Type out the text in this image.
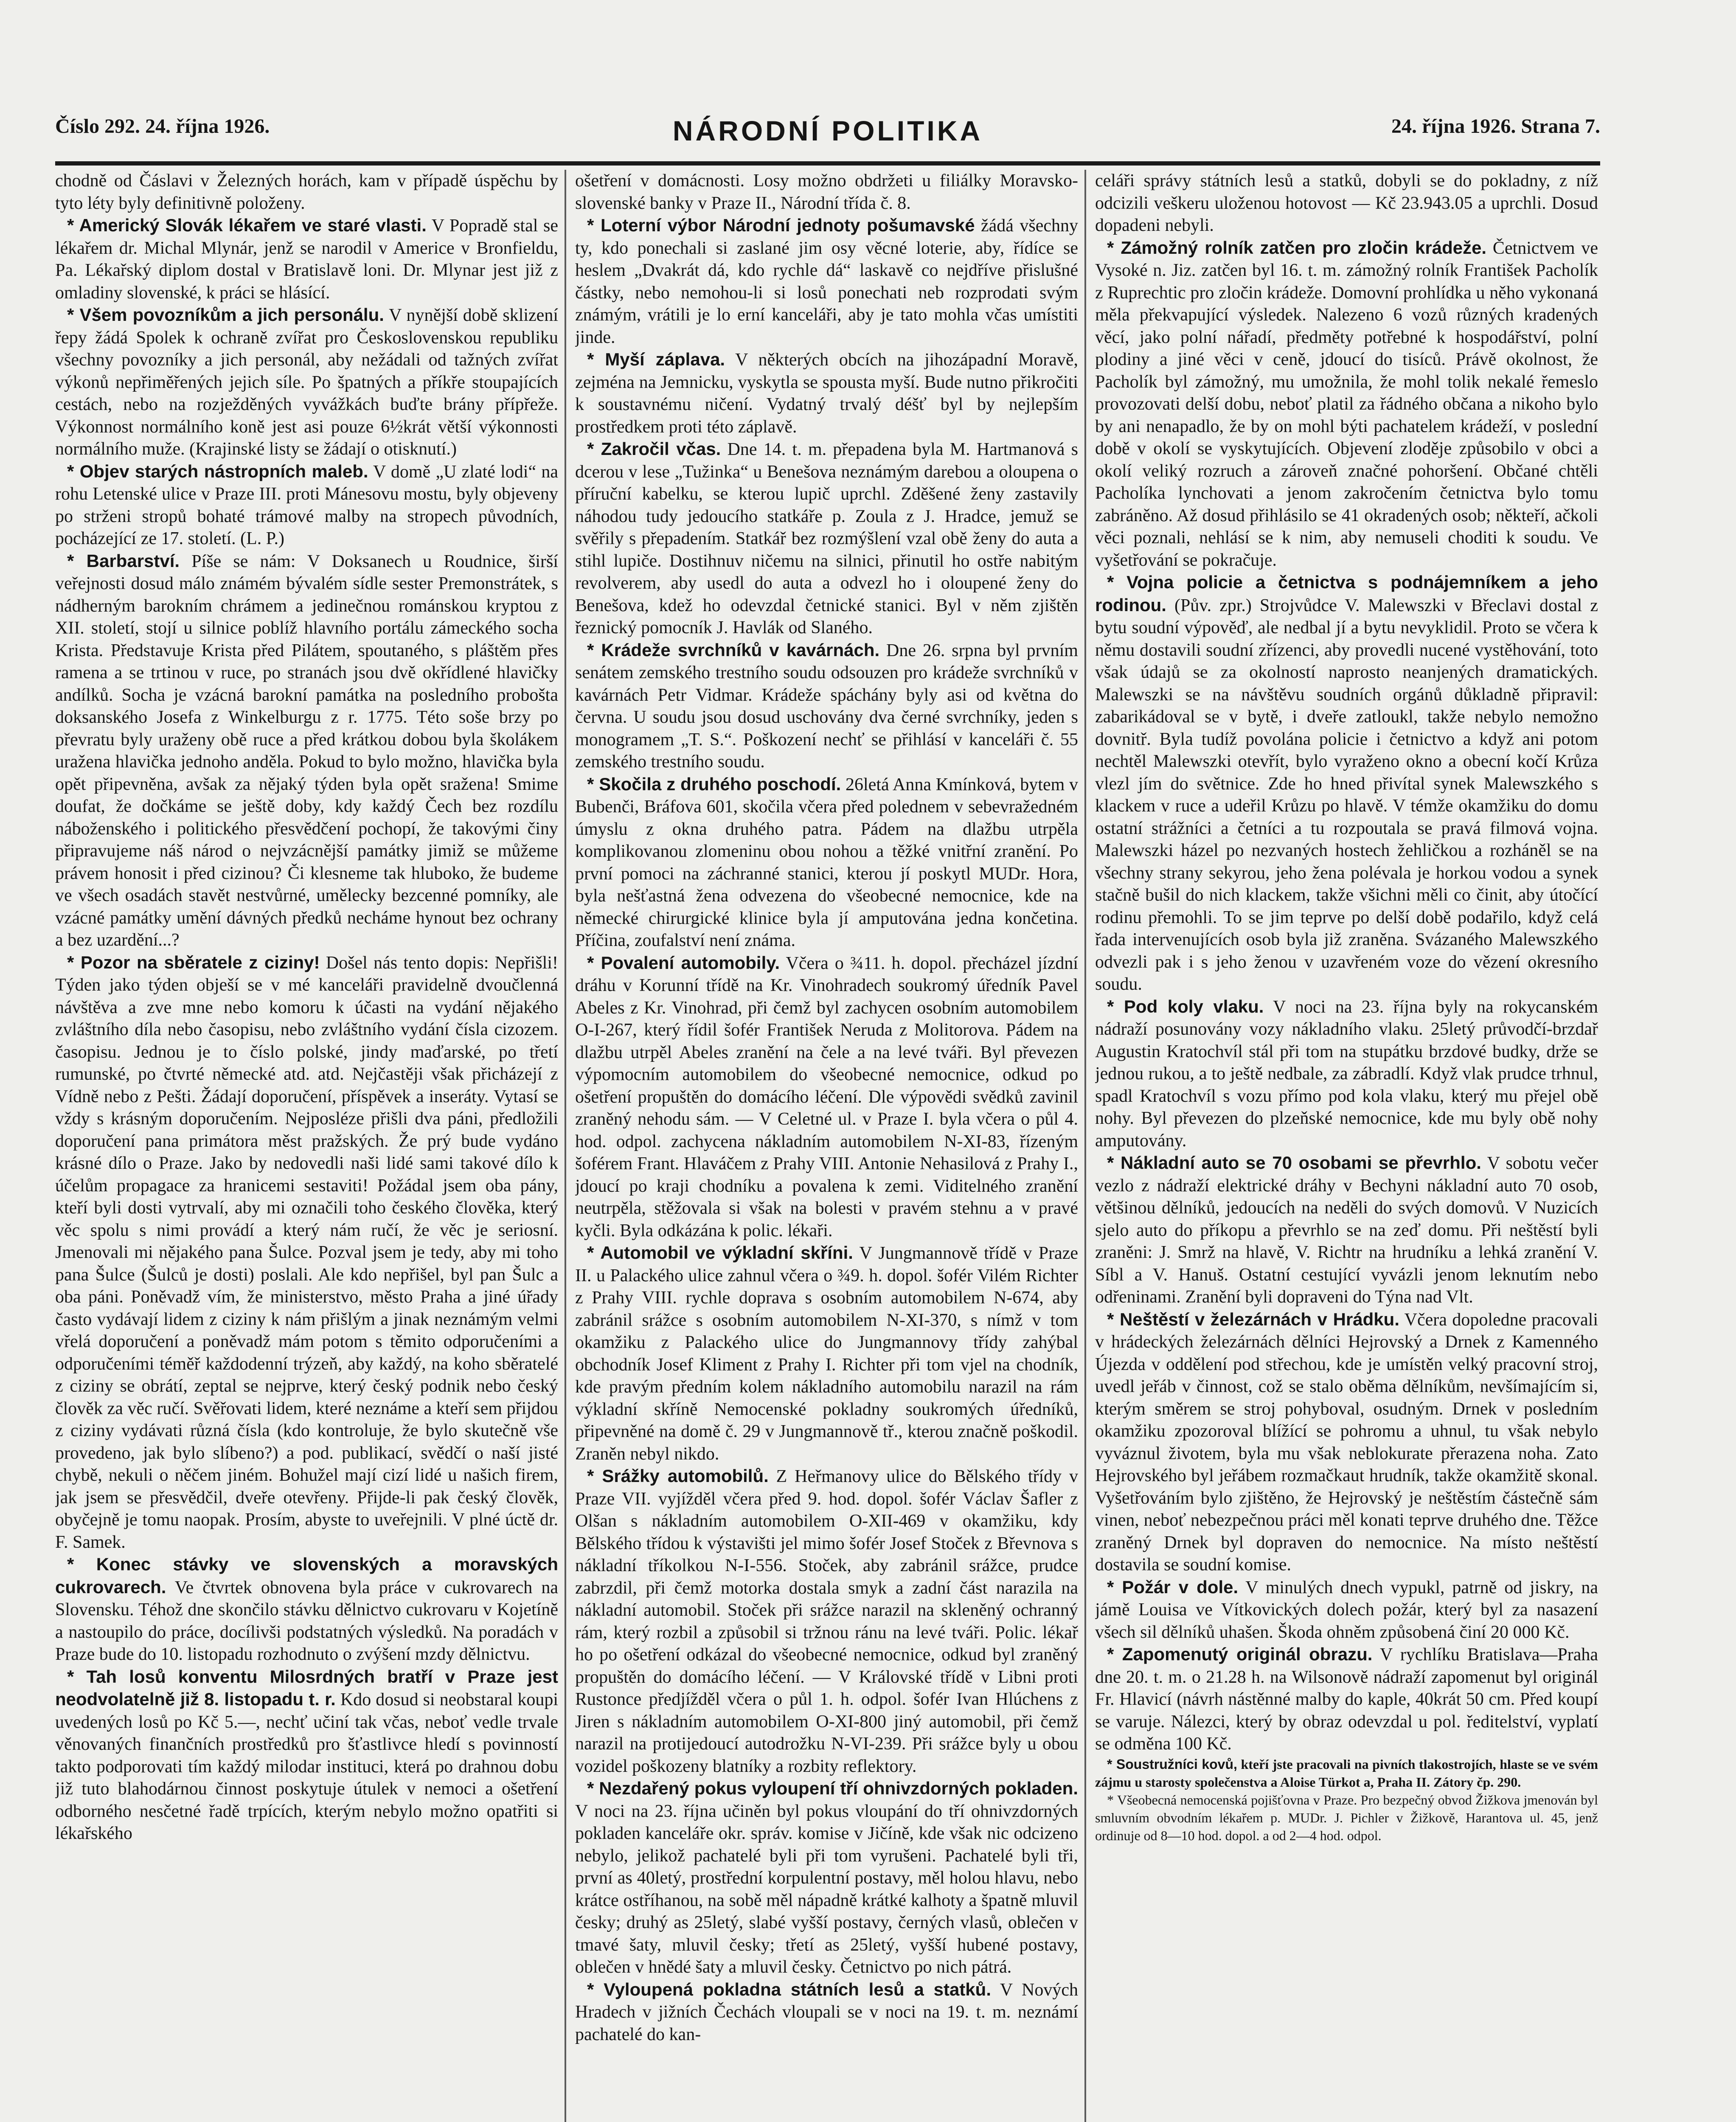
Číslo 292. 24. října 1926.	NÁRODNÍ POLITIKA	24. října 1926. Strana 7.

chodně od Čáslavi v Železných horách, kam v případě úspěchu by tyto léty byly definitivně položeny.

* Americký Slovák lékařem ve staré vlasti. V Popradě stal se lékařem dr. Michal Mlynár, jenž se narodil v Americe v Bronfieldu, Pa. Lékařský diplom dostal v Bratislavě loni. Dr. Mlynar jest již z omladiny slovenské, k práci se hlásící.

* Všem povozníkům a jich personálu. V nynější době sklizení řepy žádá Spolek k ochraně zvířat pro Československou republiku všechny povozníky a jich personál, aby nežádali od tažných zvířat výkonů nepřiměřených jejich síle. Po špatných a příkře stoupajících cestách, nebo na rozježděných vyvážkách buďte brány přípřeže. Výkonnost normálního koně jest asi pouze 6½krát větší výkonnosti normálního muže. (Krajinské listy se žádají o otisknutí.)

* Objev starých nástropních maleb. V domě „U zlaté lodi“ na rohu Letenské ulice v Praze III. proti Mánesovu mostu, byly objeveny po strženi stropů bohaté trámové malby na stropech původních, pocházející ze 17. století. (L. P.)

* Barbarství. Píše se nám: V Doksanech u Roudnice, širší veřejnosti dosud málo známém bývalém sídle sester Premonstrátek, s nádherným barokním chrámem a jedinečnou románskou kryptou z XII. století, stojí u silnice poblíž hlavního portálu zámeckého socha Krista. Představuje Krista před Pilátem, spoutaného, s pláštěm přes ramena a se trtinou v ruce, po stranách jsou dvě okřídlené hlavičky andílků. Socha je vzácná barokní památka na posledního probošta doksanského Josefa z Winkelburgu z r. 1775. Této soše brzy po převratu byly uraženy obě ruce a před krátkou dobou byla školákem uražena hlavička jednoho anděla. Pokud to bylo možno, hlavička byla opět připevněna, avšak za nějaký týden byla opět sražena! Smime doufat, že dočkáme se ještě doby, kdy každý Čech bez rozdílu náboženského i politického přesvědčení pochopí, že takovými činy připravujeme náš národ o nejvzácnější památky jimiž se můžeme právem honosit i před cizinou? Či klesneme tak hluboko, že budeme ve všech osadách stavět nestvůrné, umělecky bezcenné pomníky, ale vzácné památky umění dávných předků necháme hynout bez ochrany a bez uzardění...?

* Pozor na sběratele z ciziny! Došel nás tento dopis: Nepřišli! Týden jako týden obješí se v mé kanceláři pravidelně dvoučlenná návštěva a zve mne nebo komoru k účasti na vydání nějakého zvláštního díla nebo časopisu, nebo zvláštního vydání čísla cizozem. časopisu. Jednou je to číslo polské, jindy maďarské, po třetí rumunské, po čtvrté německé atd. atd. Nejčastěji však přicházejí z Vídně nebo z Pešti. Žádají doporučení, příspěvek a inseráty. Vytasí se vždy s krásným doporučením. Nejposléze přišli dva páni, předložili doporučení pana primátora měst pražských. Že prý bude vydáno krásné dílo o Praze. Jako by nedovedli naši lidé sami takové dílo k účelům propagace za hranicemi sestaviti! Požádal jsem oba pány, kteří byli dosti vytrvalí, aby mi označili toho českého člověka, který věc spolu s nimi provádí a který nám ručí, že věc je seriosní. Jmenovali mi nějakého pana Šulce. Pozval jsem je tedy, aby mi toho pana Šulce (Šulců je dosti) poslali. Ale kdo nepřišel, byl pan Šulc a oba páni. Poněvadž vím, že ministerstvo, město Praha a jiné úřady často vydávají lidem z ciziny k nám přišlým a jinak neznámým velmi vřelá doporučení a poněvadž mám potom s těmito odporučeními a odporučeními téměř každodenní trýzeň, aby každý, na koho sběratelé z ciziny se obrátí, zeptal se nejprve, který český podnik nebo český člověk za věc ručí. Svěřovati lidem, které neznáme a kteří sem přijdou z ciziny vydávati různá čísla (kdo kontroluje, že bylo skutečně vše provedeno, jak bylo slíbeno?) a pod. publikací, svědčí o naší jisté chybě, nekuli o něčem jiném. Bohužel mají cizí lidé u našich firem, jak jsem se přesvědčil, dveře otevřeny. Přijde-li pak český člověk, obyčejně je tomu naopak. Prosím, abyste to uveřejnili. V plné úctě dr. F. Samek.

* Konec stávky ve slovenských a moravských cukrovarech. Ve čtvrtek obnovena byla práce v cukrovarech na Slovensku. Téhož dne skončilo stávku dělnictvo cukrovaru v Kojetíně a nastoupilo do práce, docílivši podstatných výsledků. Na poradách v Praze bude do 10. listopadu rozhodnuto o zvýšení mzdy dělnictvu.

* Tah losů konventu Milosrdných bratří v Praze jest neodvolatelně již 8. listopadu t. r. Kdo dosud si neobstaral koupi uvedených losů po Kč 5.—, nechť učiní tak včas, neboť vedle trvale věnovaných finančních prostředků pro šťastlivce hledí s povinností takto podporovati tím každý milodar instituci, která po drahnou dobu již tuto blahodárnou činnost poskytuje útulek v nemoci a ošetření odborného nesčetné řadě trpících, kterým nebylo možno opatřiti si lékařského

ošetření v domácnosti. Losy možno obdržeti u filiálky Moravsko-slovenské banky v Praze II., Národní třída č. 8.

* Loterní výbor Národní jednoty pošumavské žádá všechny ty, kdo ponechali si zaslané jim osy věcné loterie, aby, řídíce se heslem „Dvakrát dá, kdo rychle dá“ laskavě co nejdříve přislušné částky, nebo nemohou-li si losů ponechati neb rozprodati svým známým, vrátili je lo erní kanceláři, aby je tato mohla včas umístiti jinde.

* Myší záplava. V některých obcích na jihozápadní Moravě, zejména na Jemnicku, vyskytla se spousta myší. Bude nutno přikročiti k soustavnému ničení. Vydatný trvalý déšť byl by nejlepším prostředkem proti této záplavě.

* Zakročil včas. Dne 14. t. m. přepadena byla M. Hartmanová s dcerou v lese „Tužinka“ u Benešova neznámým darebou a oloupena o příruční kabelku, se kterou lupič uprchl. Zděšené ženy zastavily náhodou tudy jedoucího statkáře p. Zoula z J. Hradce, jemuž se svěřily s přepadením. Statkář bez rozmýšlení vzal obě ženy do auta a stihl lupiče. Dostihnuv ničemu na silnici, přinutil ho ostře nabitým revolverem, aby usedl do auta a odvezl ho i oloupené ženy do Benešova, kdež ho odevzdal četnické stanici. Byl v něm zjištěn řeznický pomocník J. Havlák od Slaného.

* Krádeže svrchníků v kavárnách. Dne 26. srpna byl prvním senátem zemského trestního soudu odsouzen pro krádeže svrchníků v kavárnách Petr Vidmar. Krádeže spáchány byly asi od května do června. U soudu jsou dosud uschovány dva černé svrchníky, jeden s monogramem „T. S.“. Poškození nechť se přihlásí v kanceláři č. 55 zemského trestního soudu.

* Skočila z druhého poschodí. 26letá Anna Kmínková, bytem v Bubenči, Bráfova 601, skočila včera před polednem v sebevražedném úmyslu z okna druhého patra. Pádem na dlažbu utrpěla komplikovanou zlomeninu obou nohou a těžké vnitřní zranění. Po první pomoci na záchranné stanici, kterou jí poskytl MUDr. Hora, byla nešťastná žena odvezena do všeobecné nemocnice, kde na německé chirurgické klinice byla jí amputována jedna končetina. Příčina, zoufalství není známa.

* Povalení automobily. Včera o ¾11. h. dopol. přecházel jízdní dráhu v Korunní třídě na Kr. Vinohradech soukromý úředník Pavel Abeles z Kr. Vinohrad, při čemž byl zachycen osobním automobilem O-I-267, který řídil šofér František Neruda z Molitorova. Pádem na dlažbu utrpěl Abeles zranění na čele a na levé tváři. Byl převezen výpomocním automobilem do všeobecné nemocnice, odkud po ošetření propuštěn do domácího léčení. Dle výpovědi svědků zavinil zraněný nehodu sám. — V Celetné ul. v Praze I. byla včera o půl 4. hod. odpol. zachycena nákladním automobilem N-XI-83, řízeným šoférem Frant. Hlaváčem z Prahy VIII. Antonie Nehasilová z Prahy I., jdoucí po kraji chodníku a povalena k zemi. Viditelného zranění neutrpěla, stěžovala si však na bolesti v pravém stehnu a v pravé kyčli. Byla odkázána k polic. lékaři.

* Automobil ve výkladní skříni. V Jungmannově třídě v Praze II. u Palackého ulice zahnul včera o ¾9. h. dopol. šofér Vilém Richter z Prahy VIII. rychle doprava s osobním automobilem N-674, aby zabránil srážce s osobním automobilem N-XI-370, s nímž v tom okamžiku z Palackého ulice do Jungmannovy třídy zahýbal obchodník Josef Kliment z Prahy I. Richter při tom vjel na chodník, kde pravým předním kolem nákladního automobilu narazil na rám výkladní skříně Nemocenské pokladny soukromých úředníků, připevněné na domě č. 29 v Jungmannově tř., kterou značně poškodil. Zraněn nebyl nikdo.

* Srážky automobilů. Z Heřmanovy ulice do Bělského třídy v Praze VII. vyjížděl včera před 9. hod. dopol. šofér Václav Šafler z Olšan s nákladním automobilem O-XII-469 v okamžiku, kdy Bělského třídou k výstavišti jel mimo šofér Josef Stoček z Břevnova s nákladní tříkolkou N-I-556. Stoček, aby zabránil srážce, prudce zabrzdil, při čemž motorka dostala smyk a zadní část narazila na nákladní automobil. Stoček při srážce narazil na skleněný ochranný rám, který rozbil a způsobil si tržnou ránu na levé tváři. Polic. lékař ho po ošetření odkázal do všeobecné nemocnice, odkud byl zraněný propuštěn do domácího léčení. — V Královské třídě v Libni proti Rustonce předjížděl včera o půl 1. h. odpol. šofér Ivan Hlúchens z Jiren s nákladním automobilem O-XI-800 jiný automobil, při čemž narazil na protijedoucí autodrožku N-VI-239. Při srážce byly u obou vozidel poškozeny blatníky a rozbity reflektory.

* Nezdařený pokus vyloupení tří ohnivzdorných pokladen. V noci na 23. října učiněn byl pokus vloupání do tří ohnivzdorných pokladen kanceláře okr. správ. komise v Jičíně, kde však nic odcizeno nebylo, jelikož pachatelé byli při tom vyrušeni. Pachatelé byli tři, první as 40letý, prostřední korpulentní postavy, měl holou hlavu, nebo krátce ostříhanou, na sobě měl nápadně krátké kalhoty a špatně mluvil česky; druhý as 25letý, slabé vyšší postavy, černých vlasů, oblečen v tmavé šaty, mluvil česky; třetí as 25letý, vyšší hubené postavy, oblečen v hnědé šaty a mluvil česky. Četnictvo po nich pátrá.

* Vyloupená pokladna státních lesů a statků. V Nových Hradech v jižních Čechách vloupali se v noci na 19. t. m. neznámí pachatelé do kan-

celáři správy státních lesů a statků, dobyli se do pokladny, z níž odcizili veškeru uloženou hotovost — Kč 23.943.05 a uprchli. Dosud dopadeni nebyli.

* Zámožný rolník zatčen pro zločin krádeže. Četnictvem ve Vysoké n. Jiz. zatčen byl 16. t. m. zámožný rolník František Pacholík z Ruprechtic pro zločin krádeže. Domovní prohlídka u něho vykonaná měla překvapující výsledek. Nalezeno 6 vozů různých kradených věcí, jako polní nářadí, předměty potřebné k hospodářství, polní plodiny a jiné věci v ceně, jdoucí do tisíců. Právě okolnost, že Pacholík byl zámožný, mu umožnila, že mohl tolik nekalé řemeslo provozovati delší dobu, neboť platil za řádného občana a nikoho bylo by ani nenapadlo, že by on mohl býti pachatelem krádeží, v poslední době v okolí se vyskytujících. Objevení zloděje způsobilo v obci a okolí veliký rozruch a zároveň značné pohoršení. Občané chtěli Pacholíka lynchovati a jenom zakročením četnictva bylo tomu zabráněno. Až dosud přihlásilo se 41 okradených osob; někteří, ačkoli věci poznali, nehlásí se k nim, aby nemuseli choditi k soudu. Ve vyšetřování se pokračuje.

* Vojna policie a četnictva s podnájemníkem a jeho rodinou. (Pův. zpr.) Strojvůdce V. Malewszki v Břeclavi dostal z bytu soudní výpověď, ale nedbal jí a bytu nevyklidil. Proto se včera k němu dostavili soudní zřízenci, aby provedli nucené vystěhování, toto však údajů se za okolností naprosto neanjených dramatických. Malewszki se na návštěvu soudních orgánů důkladně připravil: zabarikádoval se v bytě, i dveře zatloukl, takže nebylo nemožno dovnitř. Byla tudíž povolána policie i četnictvo a když ani potom nechtěl Malewszki otevřít, bylo vyraženo okno a obecní kočí Krůza vlezl jím do světnice. Zde ho hned přivítal synek Malewszkého s klackem v ruce a udeřil Krůzu po hlavě. V témže okamžiku do domu ostatní strážníci a četníci a tu rozpoutala se pravá filmová vojna. Malewszki házel po nezvaných hostech žehličkou a rozháněl se na všechny strany sekyrou, jeho žena polévala je horkou vodou a synek stačně bušil do nich klackem, takže všichni měli co činit, aby útočící rodinu přemohli. To se jim teprve po delší době podařilo, když celá řada intervenujících osob byla již zraněna. Svázaného Malewszkého odvezli pak i s jeho ženou v uzavřeném voze do vězení okresního soudu.

* Pod koly vlaku. V noci na 23. října byly na rokycanském nádraží posunovány vozy nákladního vlaku. 25letý průvodčí-brzdař Augustin Kratochvíl stál při tom na stupátku brzdové budky, drže se jednou rukou, a to ještě nedbale, za zábradlí. Když vlak prudce trhnul, spadl Kratochvíl s vozu přímo pod kola vlaku, který mu přejel obě nohy. Byl převezen do plzeňské nemocnice, kde mu byly obě nohy amputovány.

* Nákladní auto se 70 osobami se převrhlo. V sobotu večer vezlo z nádraží elektrické dráhy v Bechyni nákladní auto 70 osob, většinou dělníků, jedoucích na neděli do svých domovů. V Nuzicích sjelo auto do příkopu a převrhlo se na zeď domu. Při neštěstí byli zraněni: J. Smrž na hlavě, V. Richtr na hrudníku a lehká zranění V. Síbl a V. Hanuš. Ostatní cestující vyvázli jenom leknutím nebo odřeninami. Zranění byli dopraveni do Týna nad Vlt.

* Neštěstí v železárnách v Hrádku. Včera dopoledne pracovali v hrádeckých železárnách dělníci Hejrovský a Drnek z Kamenného Újezda v oddělení pod střechou, kde je umístěn velký pracovní stroj, uvedl jeřáb v činnost, což se stalo oběma dělníkům, nevšímajícím si, kterým směrem se stroj pohyboval, osudným. Drnek v posledním okamžiku zpozoroval blížící se pohromu a uhnul, tu však nebylo vyváznul životem, byla mu však neblokurate přerazena noha. Zato Hejrovského byl jeřábem rozmačkaut hrudník, takže okamžitě skonal. Vyšetřováním bylo zjištěno, že Hejrovský je neštěstím částečně sám vinen, neboť nebezpečnou práci měl konati teprve druhého dne. Těžce zraněný Drnek byl dopraven do nemocnice. Na místo neštěstí dostavila se soudní komise.

* Požár v dole. V minulých dnech vypukl, patrně od jiskry, na jámě Louisa ve Vítkovických dolech požár, který byl za nasazení všech sil dělníků uhašen. Škoda ohněm způsobená činí 20 000 Kč.

* Zapomenutý originál obrazu. V rychlíku Bratislava—Praha dne 20. t. m. o 21.28 h. na Wilsonově nádraží zapomenut byl originál Fr. Hlavicí (návrh nástěnné malby do kaple, 40krát 50 cm. Před koupí se varuje. Nálezci, který by obraz odevzdal u pol. ředitelství, vyplatí se odměna 100 Kč.

* Soustružníci kovů, kteří jste pracovali na pivních tlakostrojích, hlaste se ve svém zájmu u starosty společenstva a Aloise Türkot a, Praha II. Zátory čp. 290.

* Všeobecná nemocenská pojišťovna v Praze. Pro bezpečný obvod Žižkova jmenován byl smluvním obvodním lékařem p. MUDr. J. Pichler v Žižkově, Harantova ul. 45, jenž ordinuje od 8—10 hod. dopol. a od 2—4 hod. odpol.
